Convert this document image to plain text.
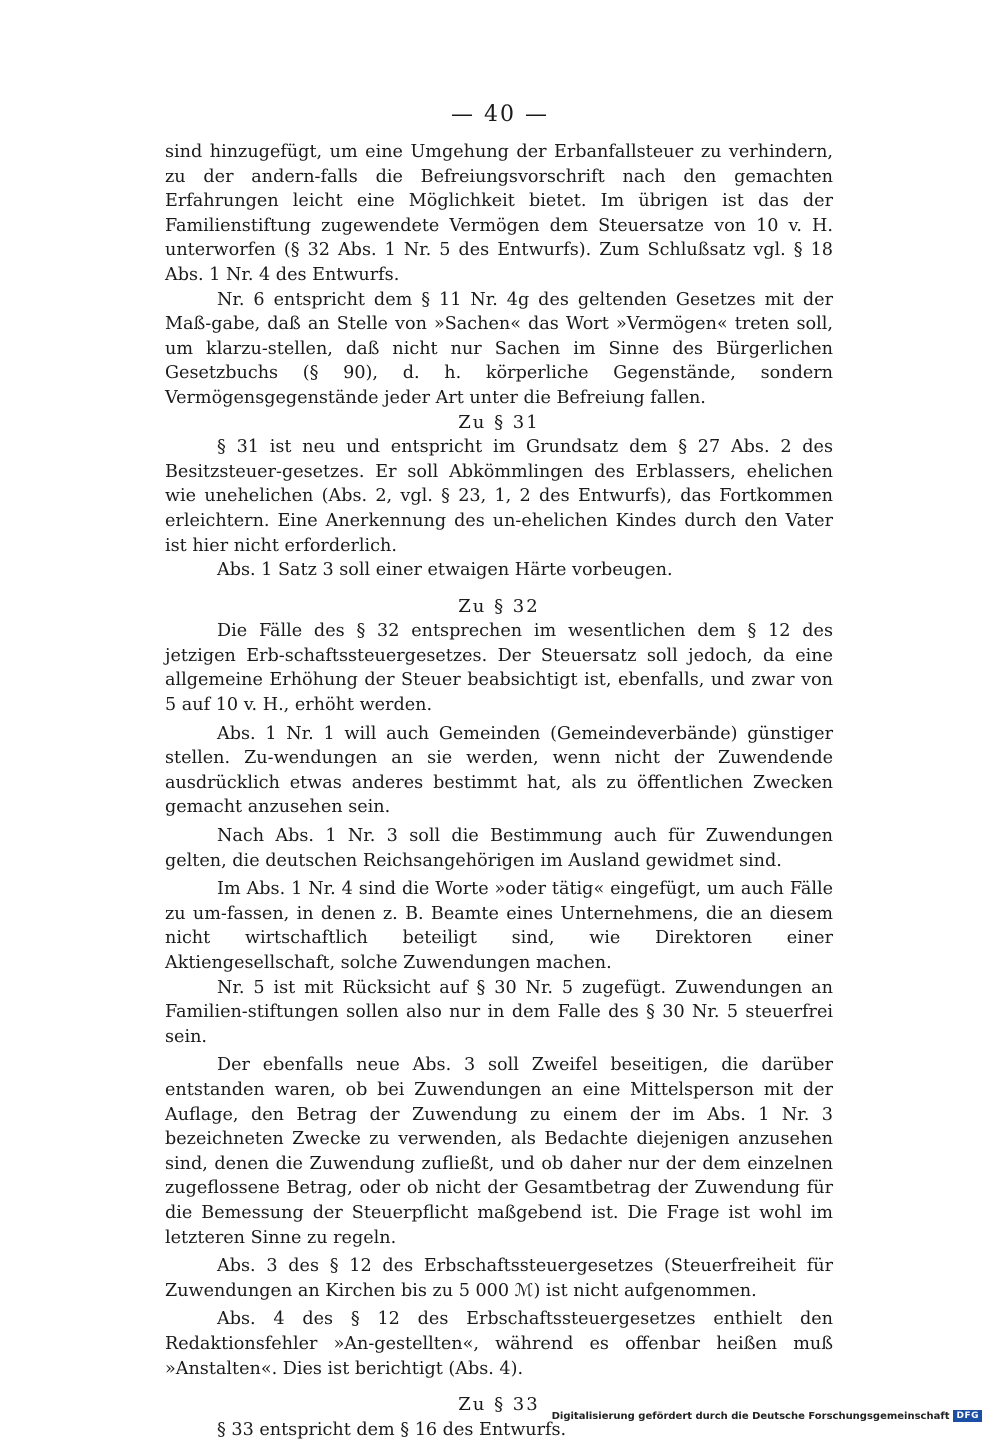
— 40 —

sind hinzugefügt, um eine Umgehung der Erbanfallsteuer zu verhindern, zu der andern-falls die Befreiungsvorschrift nach den gemachten Erfahrungen leicht eine Möglichkeit bietet. Im übrigen ist das der Familienstiftung zugewendete Vermögen dem Steuersatze von 10 v. H. unterworfen (§ 32 Abs. 1 Nr. 5 des Entwurfs). Zum Schlußsatz vgl. § 18 Abs. 1 Nr. 4 des Entwurfs.

Nr. 6 entspricht dem § 11 Nr. 4g des geltenden Gesetzes mit der Maß-gabe, daß an Stelle von »Sachen« das Wort »Vermögen« treten soll, um klarzu-stellen, daß nicht nur Sachen im Sinne des Bürgerlichen Gesetzbuchs (§ 90), d. h. körperliche Gegenstände, sondern Vermögensgegenstände jeder Art unter die Befreiung fallen.

Zu § 31

§ 31 ist neu und entspricht im Grundsatz dem § 27 Abs. 2 des Besitzsteuer-gesetzes. Er soll Abkömmlingen des Erblassers, ehelichen wie unehelichen (Abs. 2, vgl. § 23, 1, 2 des Entwurfs), das Fortkommen erleichtern. Eine Anerkennung des un-ehelichen Kindes durch den Vater ist hier nicht erforderlich.

Abs. 1 Satz 3 soll einer etwaigen Härte vorbeugen.

Zu § 32

Die Fälle des § 32 entsprechen im wesentlichen dem § 12 des jetzigen Erb-schaftssteuergesetzes. Der Steuersatz soll jedoch, da eine allgemeine Erhöhung der Steuer beabsichtigt ist, ebenfalls, und zwar von 5 auf 10 v. H., erhöht werden.

Abs. 1 Nr. 1 will auch Gemeinden (Gemeindeverbände) günstiger stellen. Zu-wendungen an sie werden, wenn nicht der Zuwendende ausdrücklich etwas anderes bestimmt hat, als zu öffentlichen Zwecken gemacht anzusehen sein.

Nach Abs. 1 Nr. 3 soll die Bestimmung auch für Zuwendungen gelten, die deutschen Reichsangehörigen im Ausland gewidmet sind.

Im Abs. 1 Nr. 4 sind die Worte »oder tätig« eingefügt, um auch Fälle zu um-fassen, in denen z. B. Beamte eines Unternehmens, die an diesem nicht wirtschaftlich beteiligt sind, wie Direktoren einer Aktiengesellschaft, solche Zuwendungen machen.

Nr. 5 ist mit Rücksicht auf § 30 Nr. 5 zugefügt. Zuwendungen an Familien-stiftungen sollen also nur in dem Falle des § 30 Nr. 5 steuerfrei sein.

Der ebenfalls neue Abs. 3 soll Zweifel beseitigen, die darüber entstanden waren, ob bei Zuwendungen an eine Mittelsperson mit der Auflage, den Betrag der Zuwendung zu einem der im Abs. 1 Nr. 3 bezeichneten Zwecke zu verwenden, als Bedachte diejenigen anzusehen sind, denen die Zuwendung zufließt, und ob daher nur der dem einzelnen zugeflossene Betrag, oder ob nicht der Gesamtbetrag der Zuwendung für die Bemessung der Steuerpflicht maßgebend ist. Die Frage ist wohl im letzteren Sinne zu regeln.

Abs. 3 des § 12 des Erbschaftssteuergesetzes (Steuerfreiheit für Zuwendungen an Kirchen bis zu 5 000 ℳ) ist nicht aufgenommen.

Abs. 4 des § 12 des Erbschaftssteuergesetzes enthielt den Redaktionsfehler »An-gestellten«, während es offenbar heißen muß »Anstalten«. Dies ist berichtigt (Abs. 4).

Zu § 33

§ 33 entspricht dem § 16 des Entwurfs.

Digitalisierung gefördert durch die Deutsche Forschungsgemeinschaft DFG
